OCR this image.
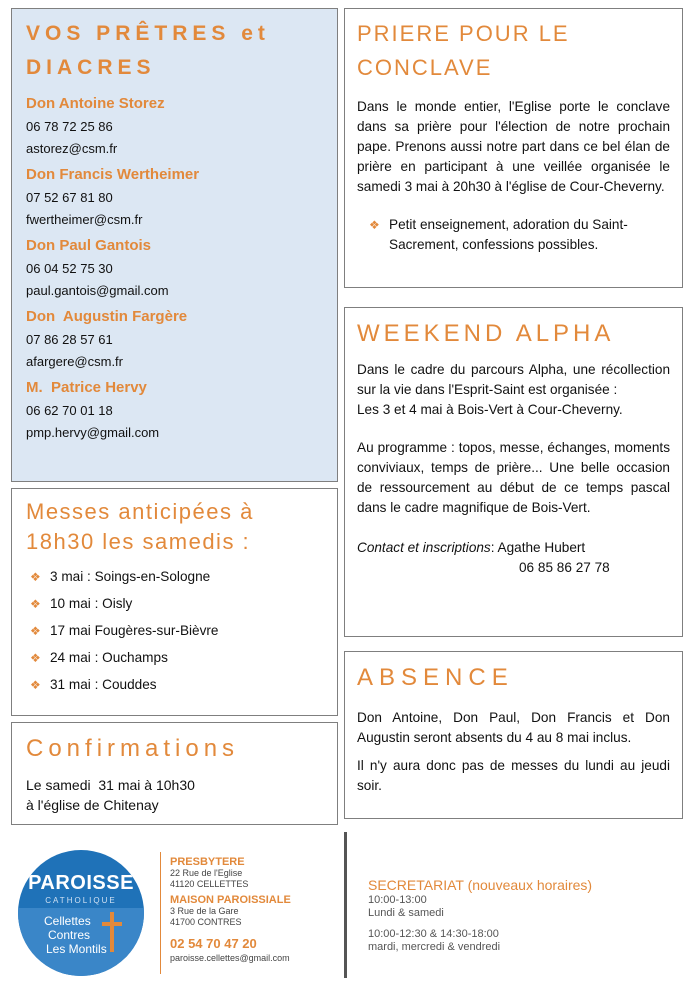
VOS PRÊTRES et
DIACRES
Don Antoine Storez
06 78 72 25 86
astorez@csm.fr
Don Francis Wertheimer
07 52 67 81 80
fwertheimer@csm.fr
Don Paul Gantois
06 04 52 75 30
paul.gantois@gmail.com
Don  Augustin Fargère
07 86 28 57 61
afargere@csm.fr
M.  Patrice Hervy
06 62 70 01 18
pmp.hervy@gmail.com
Messes anticipées à
18h30 les samedis :
❖ 3 mai : Soings-en-Sologne
❖ 10 mai : Oisly
❖ 17 mai Fougères-sur-Bièvre
❖ 24 mai : Ouchamps
❖ 31 mai : Couddes
Confirmations
Le samedi  31 mai à 10h30
à l'église de Chitenay
PRIERE POUR LE
CONCLAVE

Dans le monde entier, l'Eglise porte le conclave dans sa prière pour l'élection de notre prochain pape. Prenons aussi notre part dans ce bel élan de prière en participant à une veillée organisée le samedi 3 mai à 20h30 à l'église de Cour-Cheverny.

❖ Petit enseignement, adoration du Saint-Sacrement, confessions possibles.
WEEKEND ALPHA

Dans le cadre du parcours Alpha, une récollection sur la vie dans l'Esprit-Saint est organisée :

Les 3 et 4 mai à Bois-Vert à Cour-Cheverny.

Au programme : topos, messe, échanges, moments conviviaux, temps de prière... Une belle occasion de ressourcement au début de ce temps pascal dans le cadre magnifique de Bois-Vert.

Contact et inscriptions: Agathe Hubert
06 85 86 27 78
ABSENCE

Don Antoine, Don Paul, Don Francis et Don Augustin seront absents du 4 au 8 mai inclus.

Il n'y aura donc pas de messes du lundi au jeudi soir.

PAROISSE
CATHOLIQUE
Cellettes
Contres
Les Montils
PRESBYTERE
22 Rue de l'Eglise
41120 CELLETTES
MAISON PAROISSIALE
3 Rue de la Gare
41700 CONTRES
02 54 70 47 20
paroisse.cellettes@gmail.com
SECRETARIAT (nouveaux horaires)
10:00-13:00
Lundi & samedi
10:00-12:30 & 14:30-18:00
mardi, mercredi & vendredi
